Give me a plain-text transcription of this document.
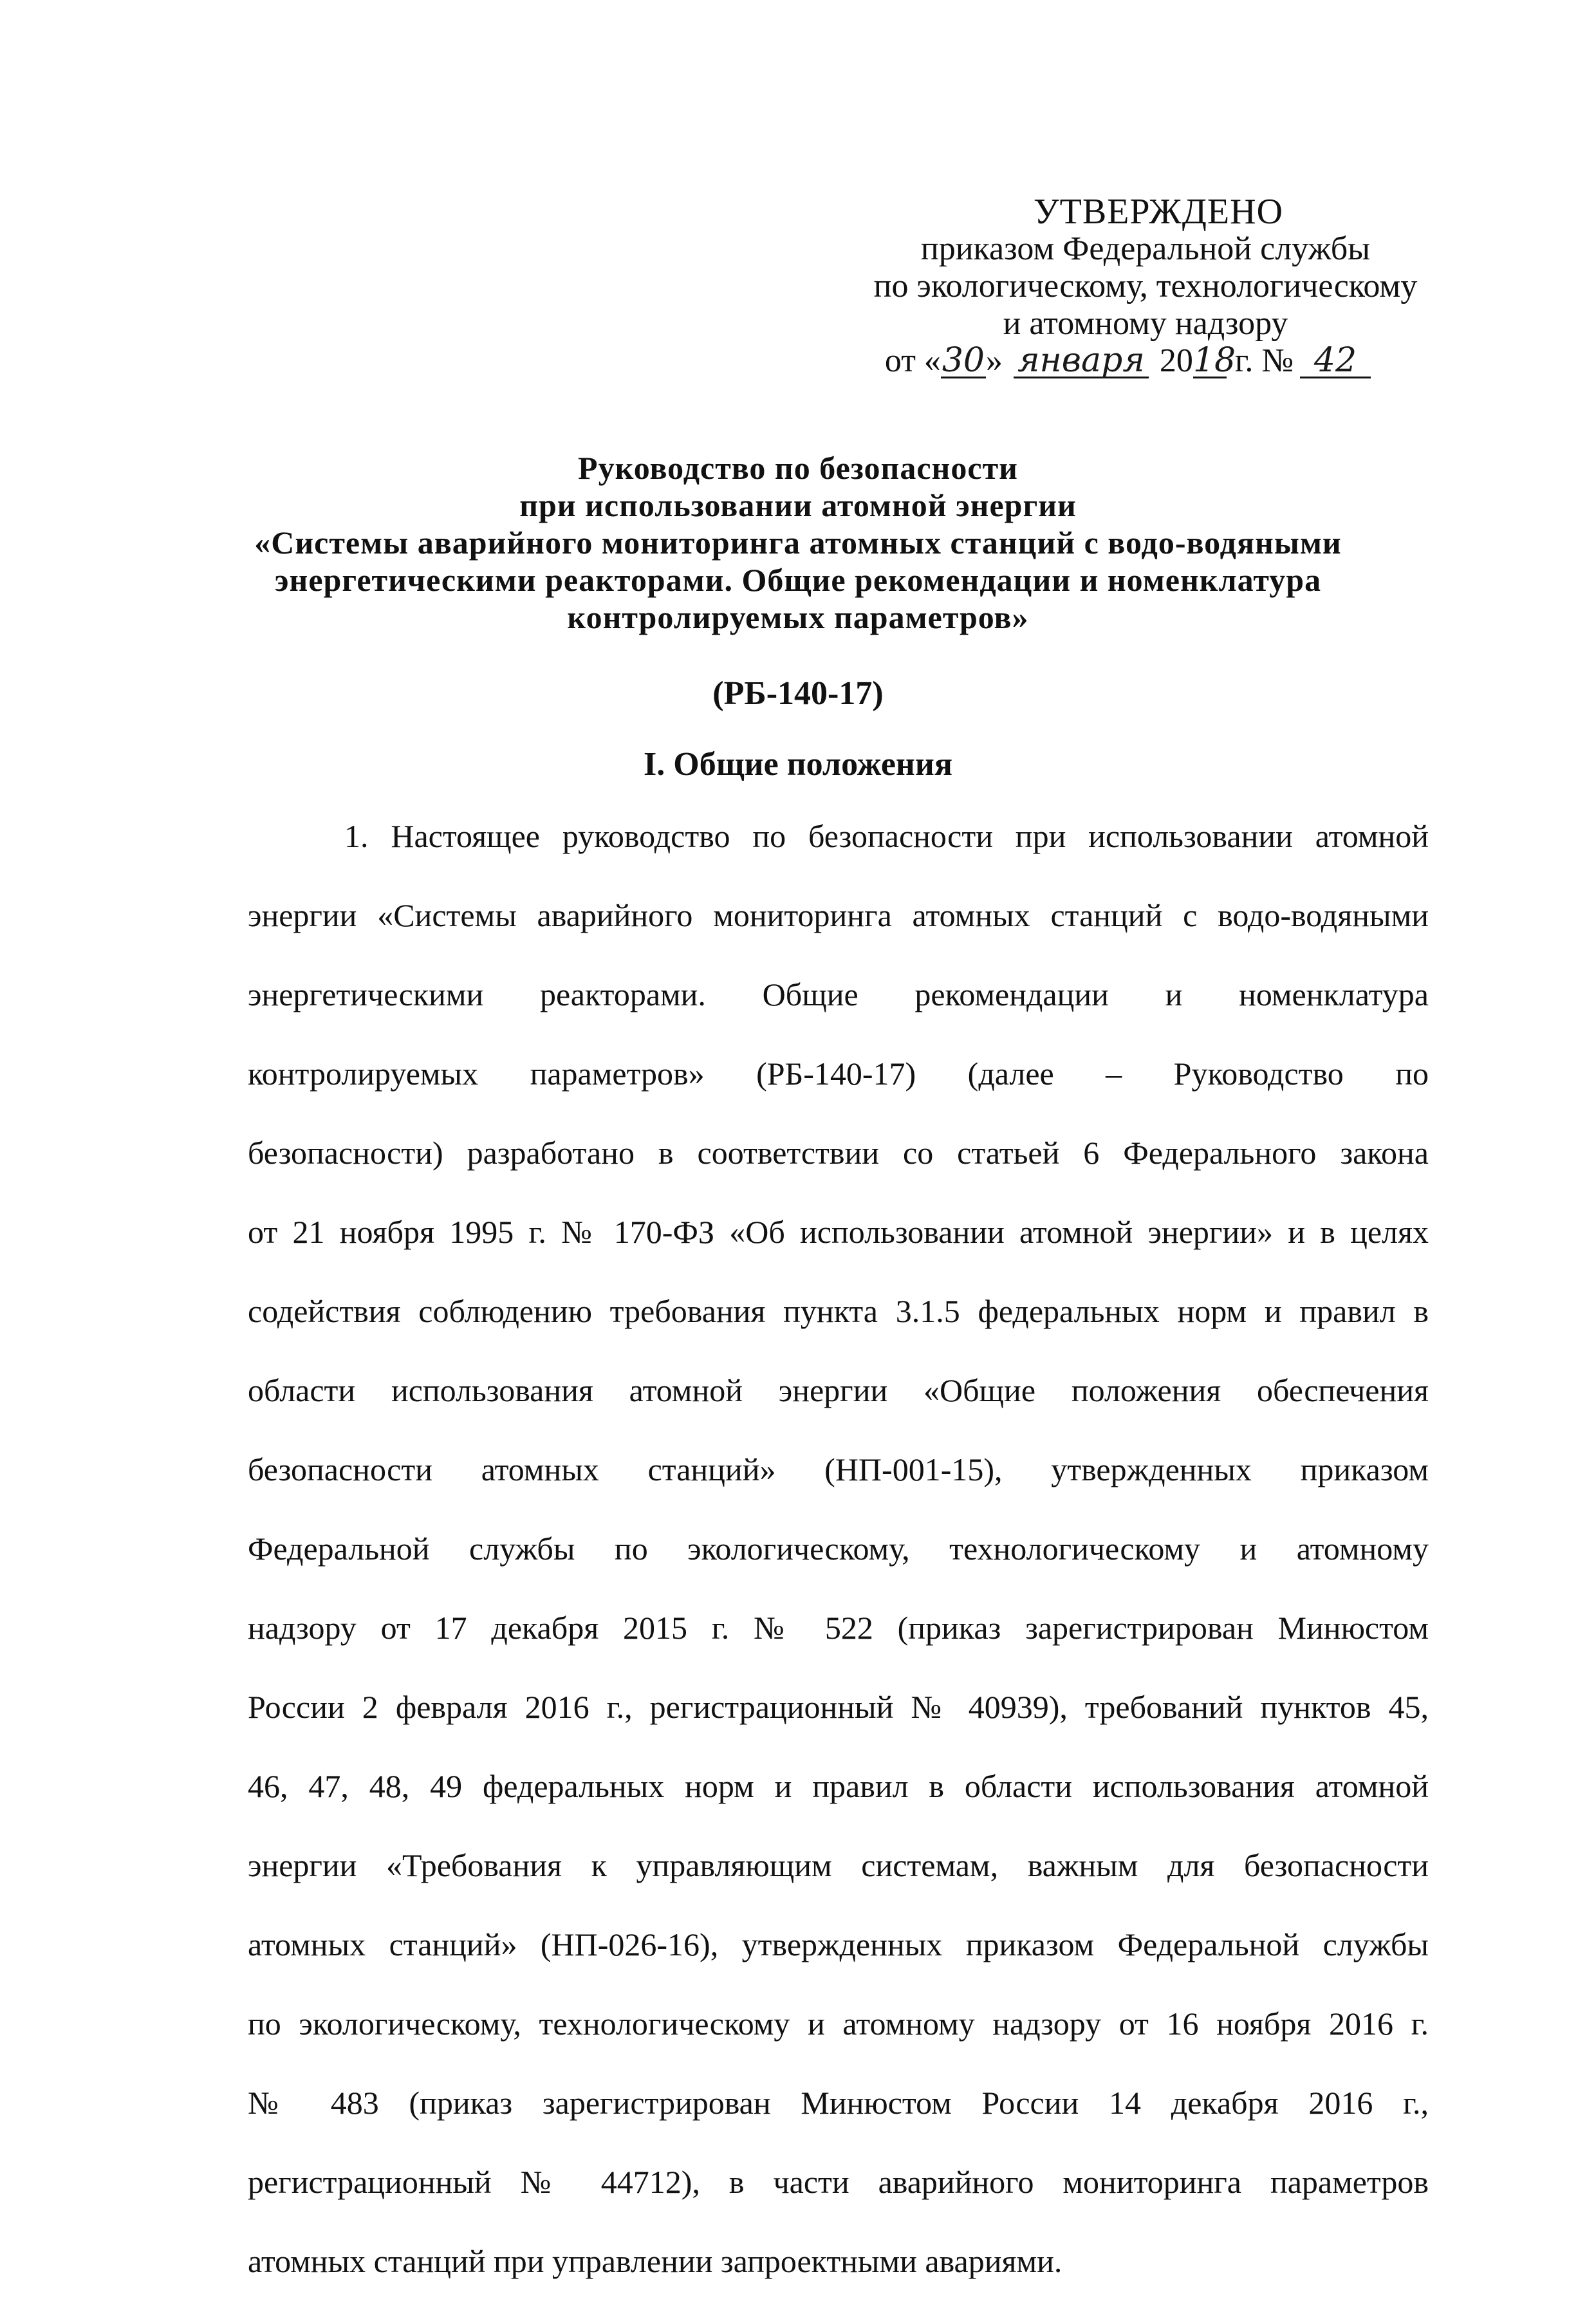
УТВЕРЖДЕНО
приказом Федеральной службы
по экологическому, технологическому
и атомному надзору
от «30» января 2018 г. № 42
Руководство по безопасности
при использовании атомной энергии
«Системы аварийного мониторинга атомных станций с водо-водяными
энергетическими реакторами. Общие рекомендации и номенклатура
контролируемых параметров»
(РБ-140-17)
I. Общие положения
1. Настоящее руководство по безопасности при использовании атомной
энергии «Системы аварийного мониторинга атомных станций с водо-водяными
энергетическими реакторами. Общие рекомендации и номенклатура
контролируемых параметров» (РБ-140-17) (далее – Руководство по
безопасности) разработано в соответствии со статьей 6 Федерального закона
от 21 ноября 1995 г. № 170-ФЗ «Об использовании атомной энергии» и в целях
содействия соблюдению требования пункта 3.1.5 федеральных норм и правил в
области использования атомной энергии «Общие положения обеспечения
безопасности атомных станций» (НП-001-15), утвержденных приказом
Федеральной службы по экологическому, технологическому и атомному
надзору от 17 декабря 2015 г. № 522 (приказ зарегистрирован Минюстом
России 2 февраля 2016 г., регистрационный № 40939), требований пунктов 45,
46, 47, 48, 49 федеральных норм и правил в области использования атомной
энергии «Требования к управляющим системам, важным для безопасности
атомных станций» (НП-026-16), утвержденных приказом Федеральной службы
по экологическому, технологическому и атомному надзору от 16 ноября 2016 г.
№ 483 (приказ зарегистрирован Минюстом России 14 декабря 2016 г.,
регистрационный № 44712), в части аварийного мониторинга параметров
атомных станций при управлении запроектными авариями.
